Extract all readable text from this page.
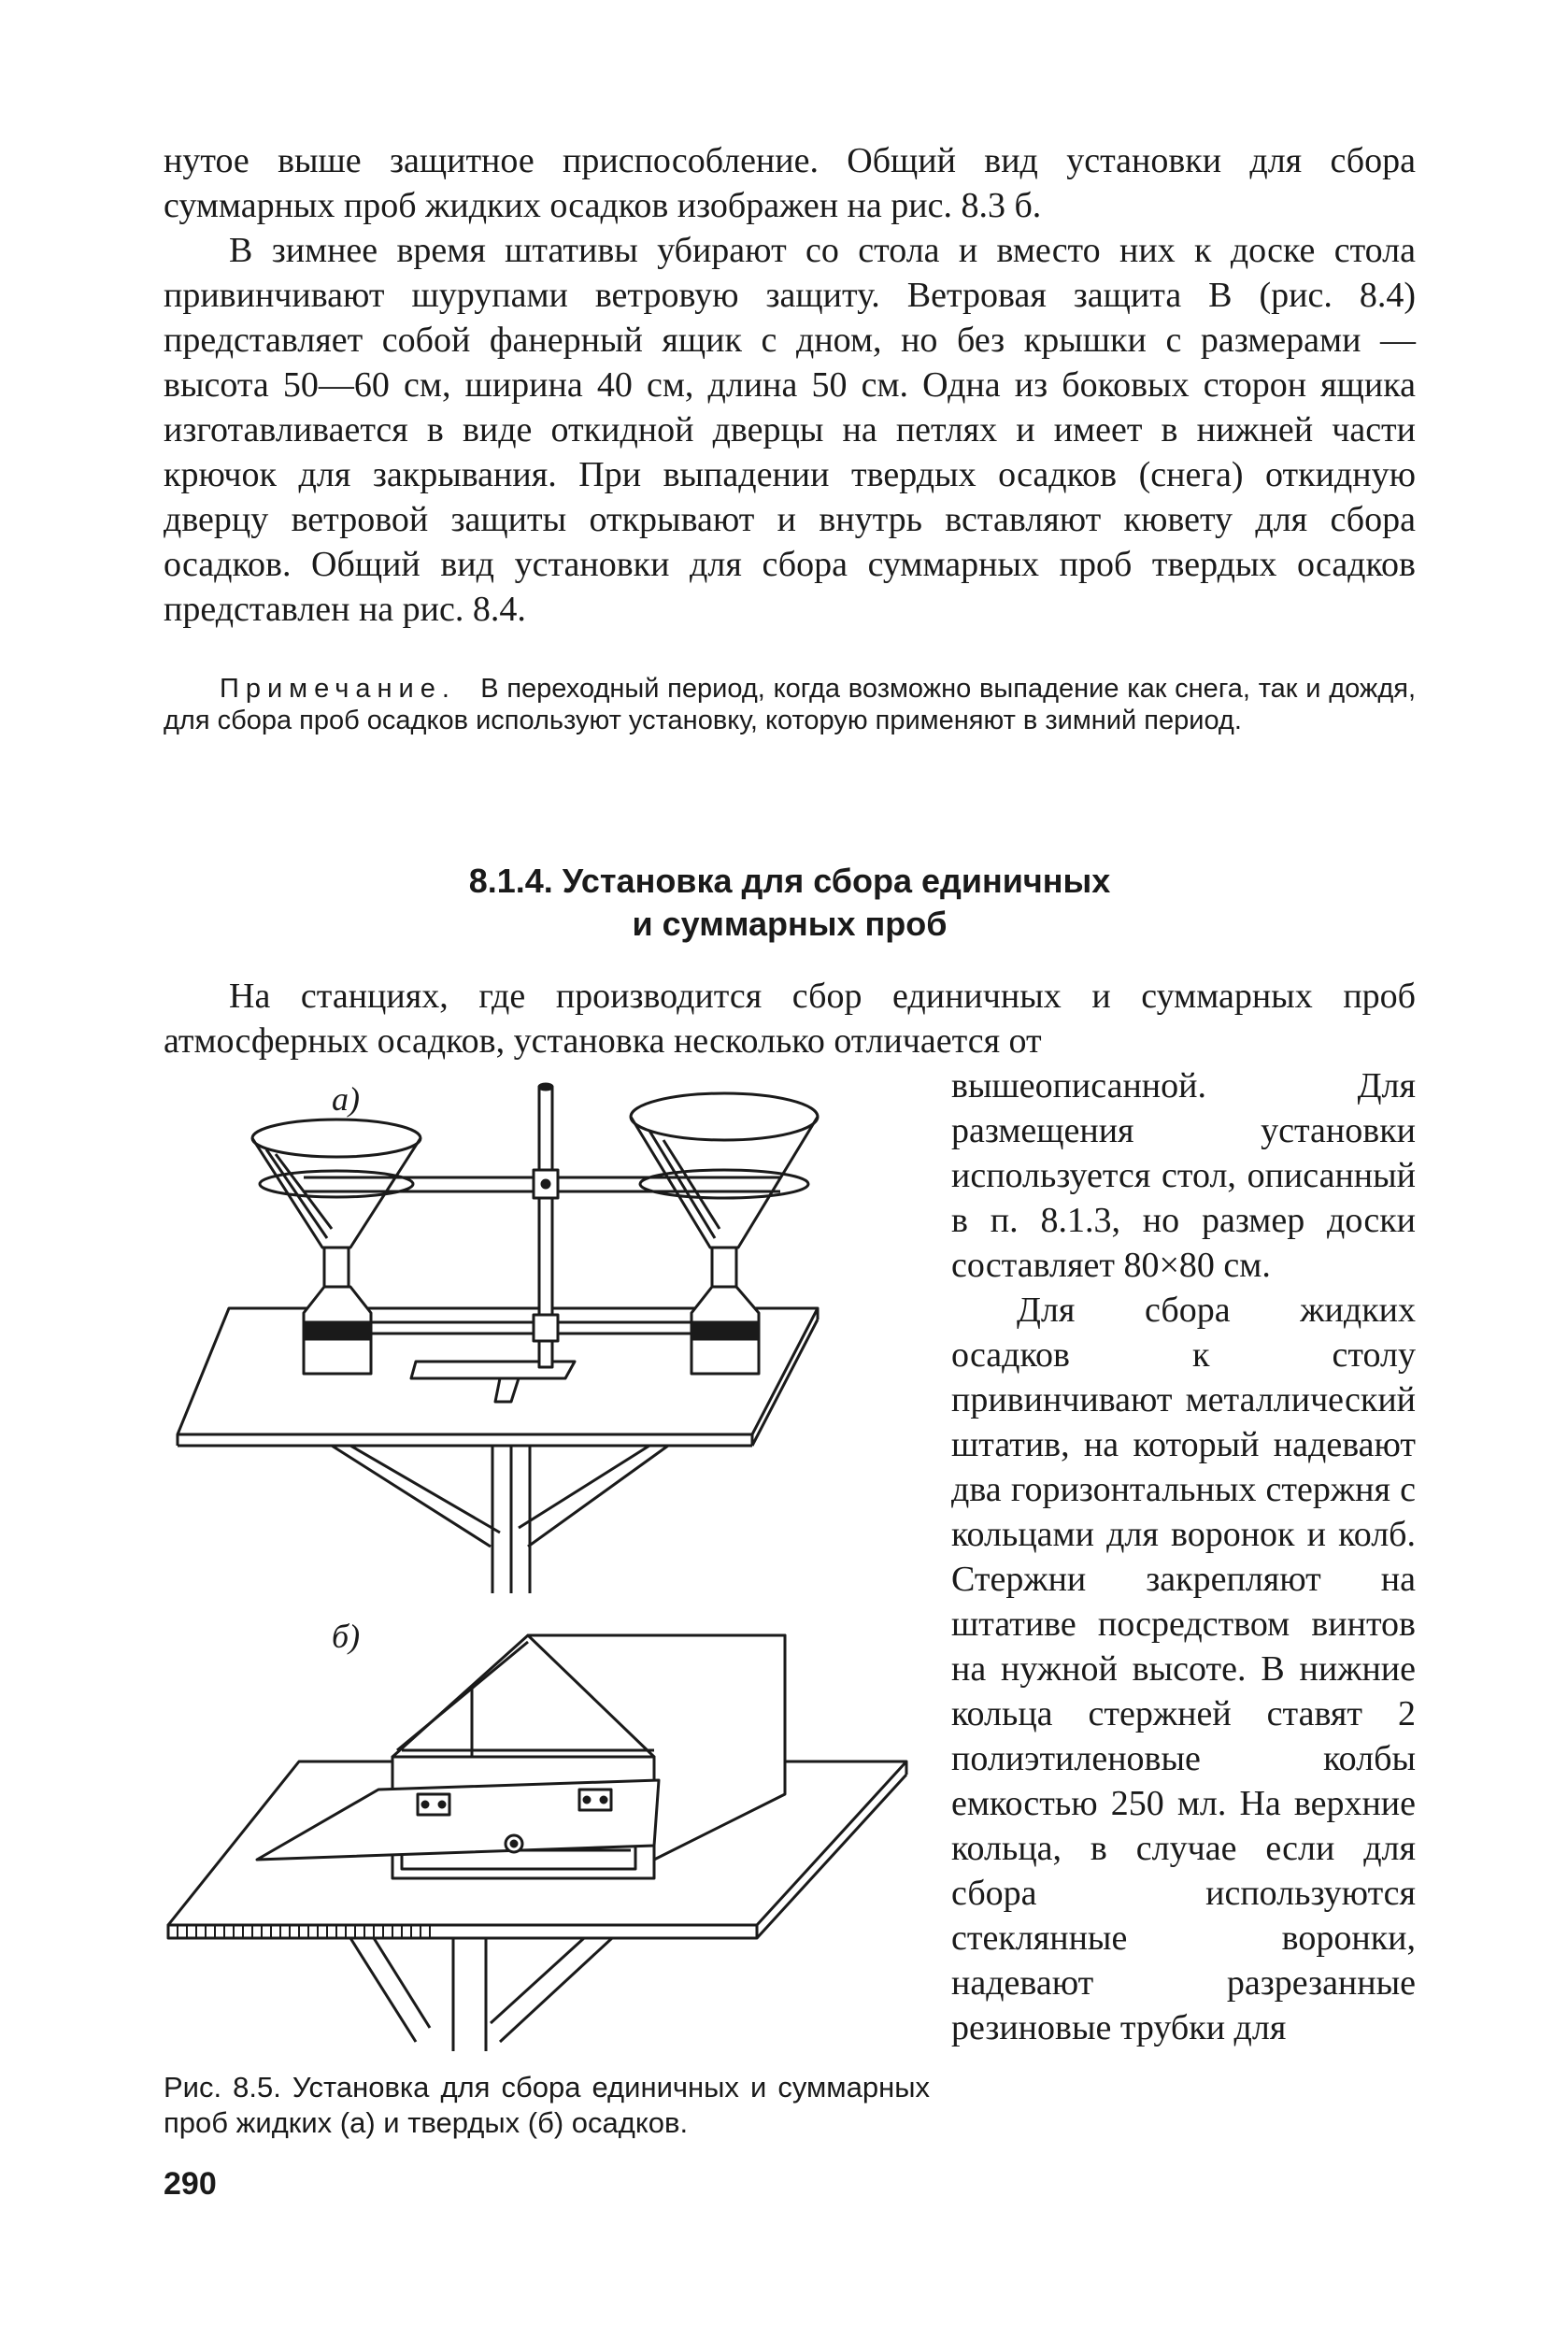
нутое выше защитное приспособление. Общий вид установки для сбора суммарных проб жидких осадков изображен на рис. 8.3 б.

В зимнее время штативы убирают со стола и вместо них к доске стола привинчивают шурупами ветровую защиту. Ветровая защита В (рис. 8.4) представляет собой фанерный ящик с дном, но без крышки с размерами — высота 50—60 см, ширина 40 см, длина 50 см. Одна из боковых сторон ящика изготавливается в виде откидной дверцы на петлях и имеет в нижней части крючок для закрывания. При выпадении твердых осадков (снега) откидную дверцу ветровой защиты открывают и внутрь вставляют кювету для сбора осадков. Общий вид установки для сбора суммарных проб твердых осадков представлен на рис. 8.4.

Примечание. В переходный период, когда возможно выпадение как снега, так и дождя, для сбора проб осадков используют установку, которую применяют в зимний период.

8.1.4. Установка для сбора единичных
и суммарных проб

На станциях, где производится сбор единичных и суммарных проб атмосферных осадков, установка несколько отличается от

вышеописанной. Для размещения установки используется стол, описанный в п. 8.1.3, но размер доски составляет 80×80 см.

Для сбора жидких осадков к столу привинчивают металлический штатив, на который надевают два горизонтальных стержня с кольцами для воронок и колб. Стержни закрепляют на штативе посредством винтов на нужной высоте. В нижние кольца стержней ставят 2 полиэтиленовые колбы емкостью 250 мл. На верхние кольца, в случае если для сбора используются стеклянные воронки, надевают разрезанные резиновые трубки для

а)
б)

Рис. 8.5. Установка для сбора единичных и суммарных проб жидких (а) и твердых (б) осадков.

290
